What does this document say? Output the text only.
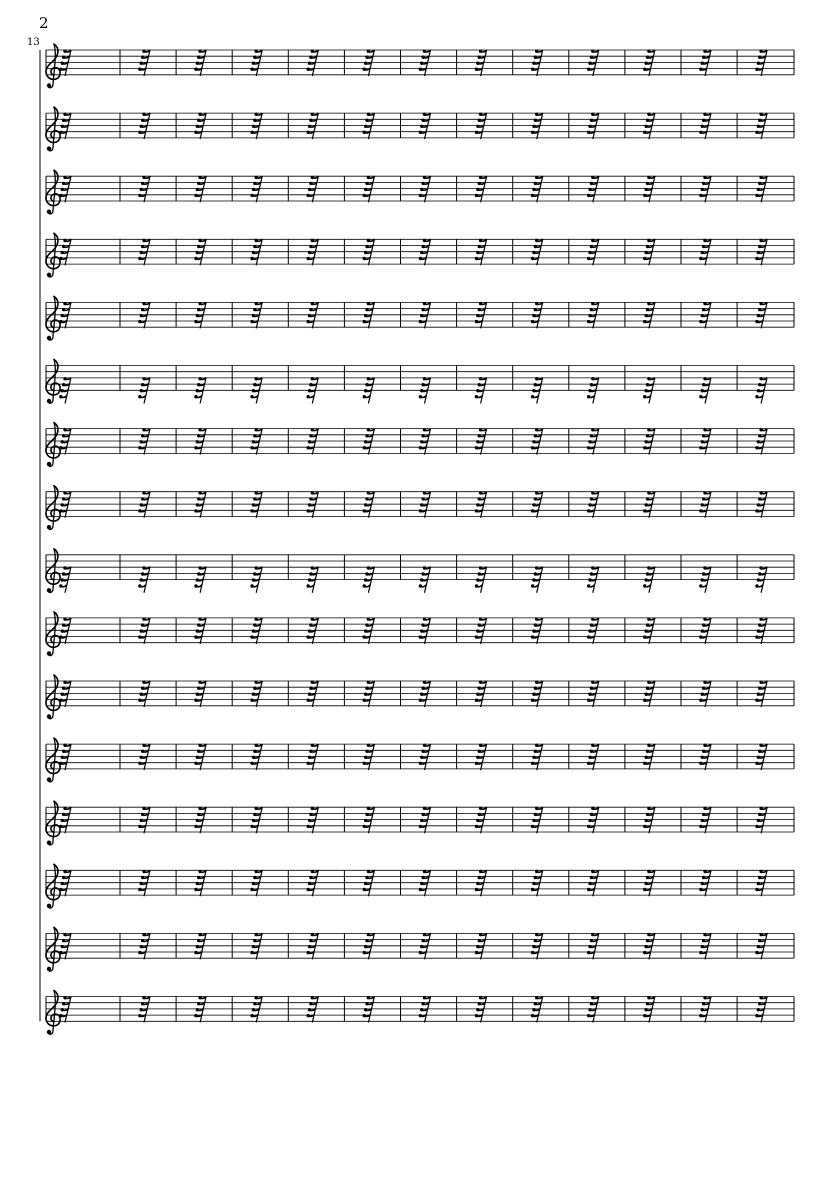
2
13
